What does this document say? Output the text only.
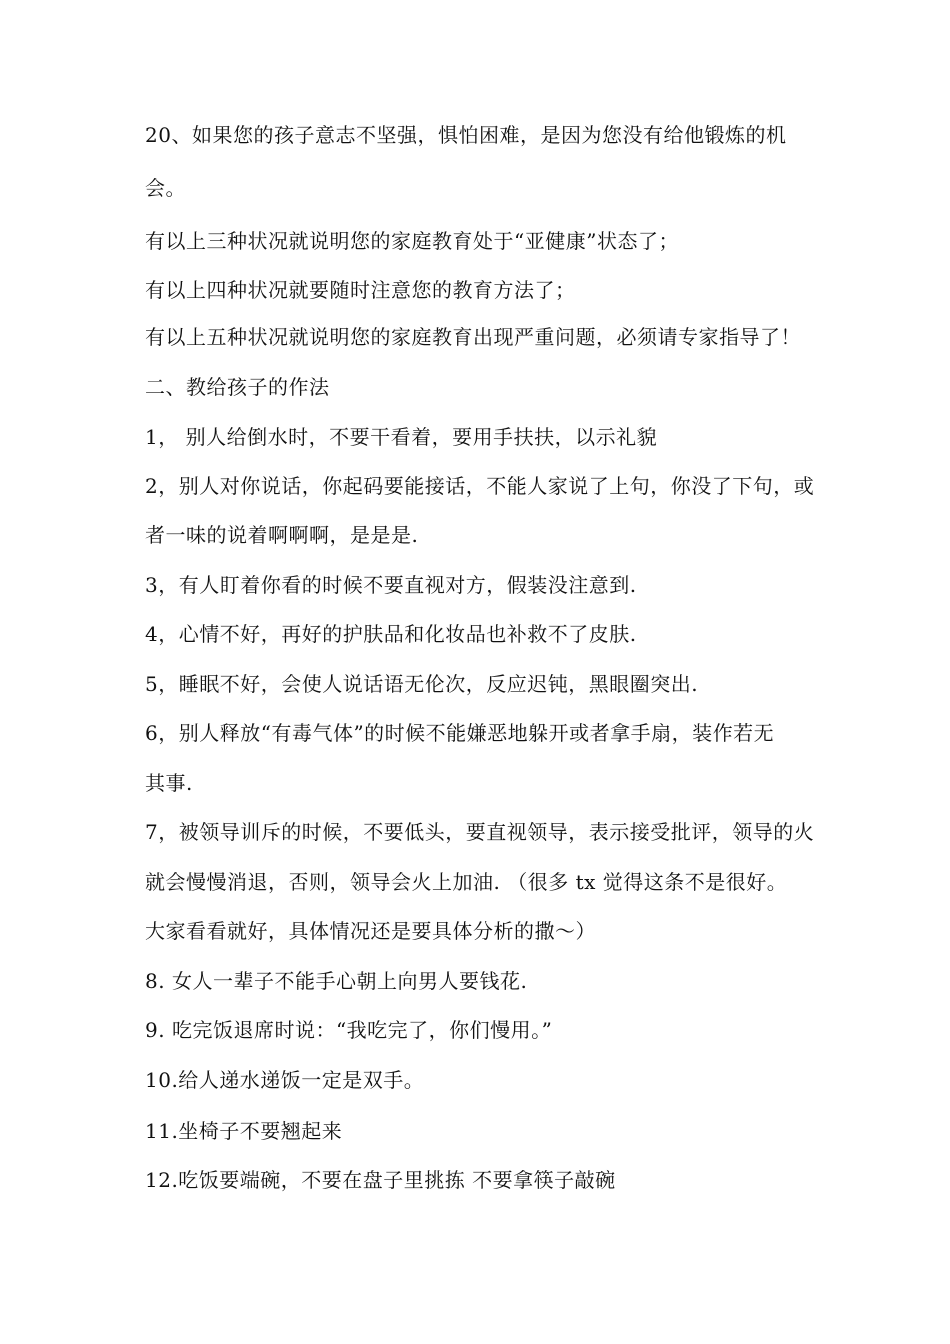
20、如果您的孩子意志不坚强，惧怕困难，是因为您没有给他锻炼的机
会。
有以上三种状况就说明您的家庭教育处于“亚健康”状态了；
有以上四种状况就要随时注意您的教育方法了；
有以上五种状况就说明您的家庭教育出现严重问题，必须请专家指导了！
二、教给孩子的作法
1， 别人给倒水时，不要干看着，要用手扶扶，以示礼貌
2，别人对你说话，你起码要能接话，不能人家说了上句，你没了下句，或
者一味的说着啊啊啊，是是是.
3，有人盯着你看的时候不要直视对方，假装没注意到.
4，心情不好，再好的护肤品和化妆品也补救不了皮肤.
5，睡眠不好，会使人说话语无伦次，反应迟钝，黑眼圈突出.
6，别人释放“有毒气体”的时候不能嫌恶地躲开或者拿手扇，装作若无
其事.
7，被领导训斥的时候，不要低头，要直视领导，表示接受批评，领导的火
就会慢慢消退，否则，领导会火上加油. （很多 tx 觉得这条不是很好。
大家看看就好，具体情况还是要具体分析的撒～）
8. 女人一辈子不能手心朝上向男人要钱花.
9. 吃完饭退席时说：“我吃完了，你们慢用。”
10.给人递水递饭一定是双手。
11.坐椅子不要翘起来
12.吃饭要端碗，不要在盘子里挑拣 不要拿筷子敲碗
